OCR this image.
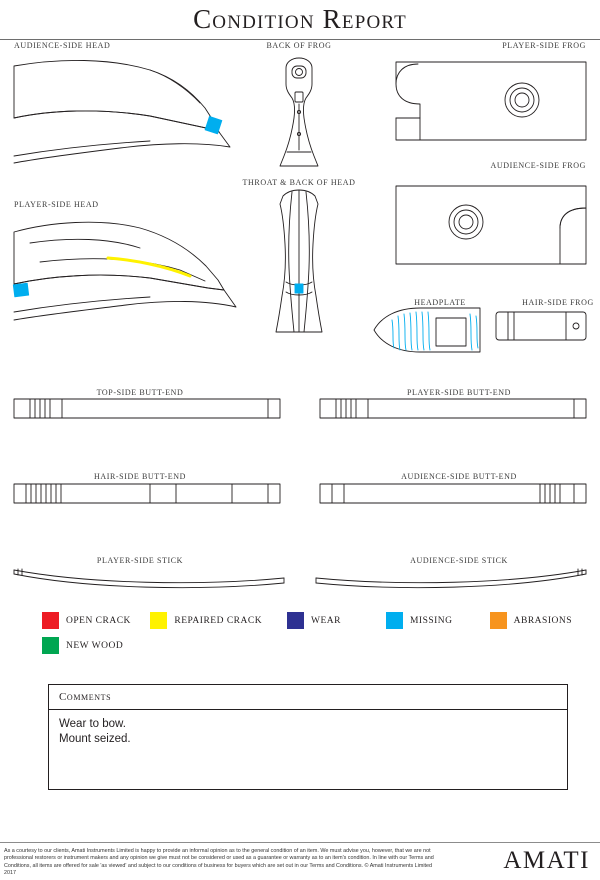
Condition Report
AUDIENCE-SIDE HEAD	BACK OF FROG	PLAYER-SIDE FROG
AUDIENCE-SIDE FROG
PLAYER-SIDE HEAD
THROAT & BACK OF HEAD
HEADPLATE	HAIR-SIDE FROG
TOP-SIDE BUTT-END	PLAYER-SIDE BUTT-END
HAIR-SIDE BUTT-END	AUDIENCE-SIDE BUTT-END
PLAYER-SIDE STICK	AUDIENCE-SIDE STICK
OPEN CRACK	REPAIRED CRACK	WEAR	MISSING	ABRASIONS
NEW WOOD
Comments
Wear to bow.
Mount seized.
As a courtesy to our clients, Amati Instruments Limited is happy to provide an informal opinion as to the general condition of an item. We must advise you, however, that we are not professional restorers or instrument makers and any opinion we give must not be considered or used as a guarantee or warranty as to an item's condition. In line with our Terms and Conditions, all items are offered for sale 'as viewed' and subject to our conditions of business for buyers which are set out in our Terms and Conditions. © Amati Instruments Limited 2017	AMATI
